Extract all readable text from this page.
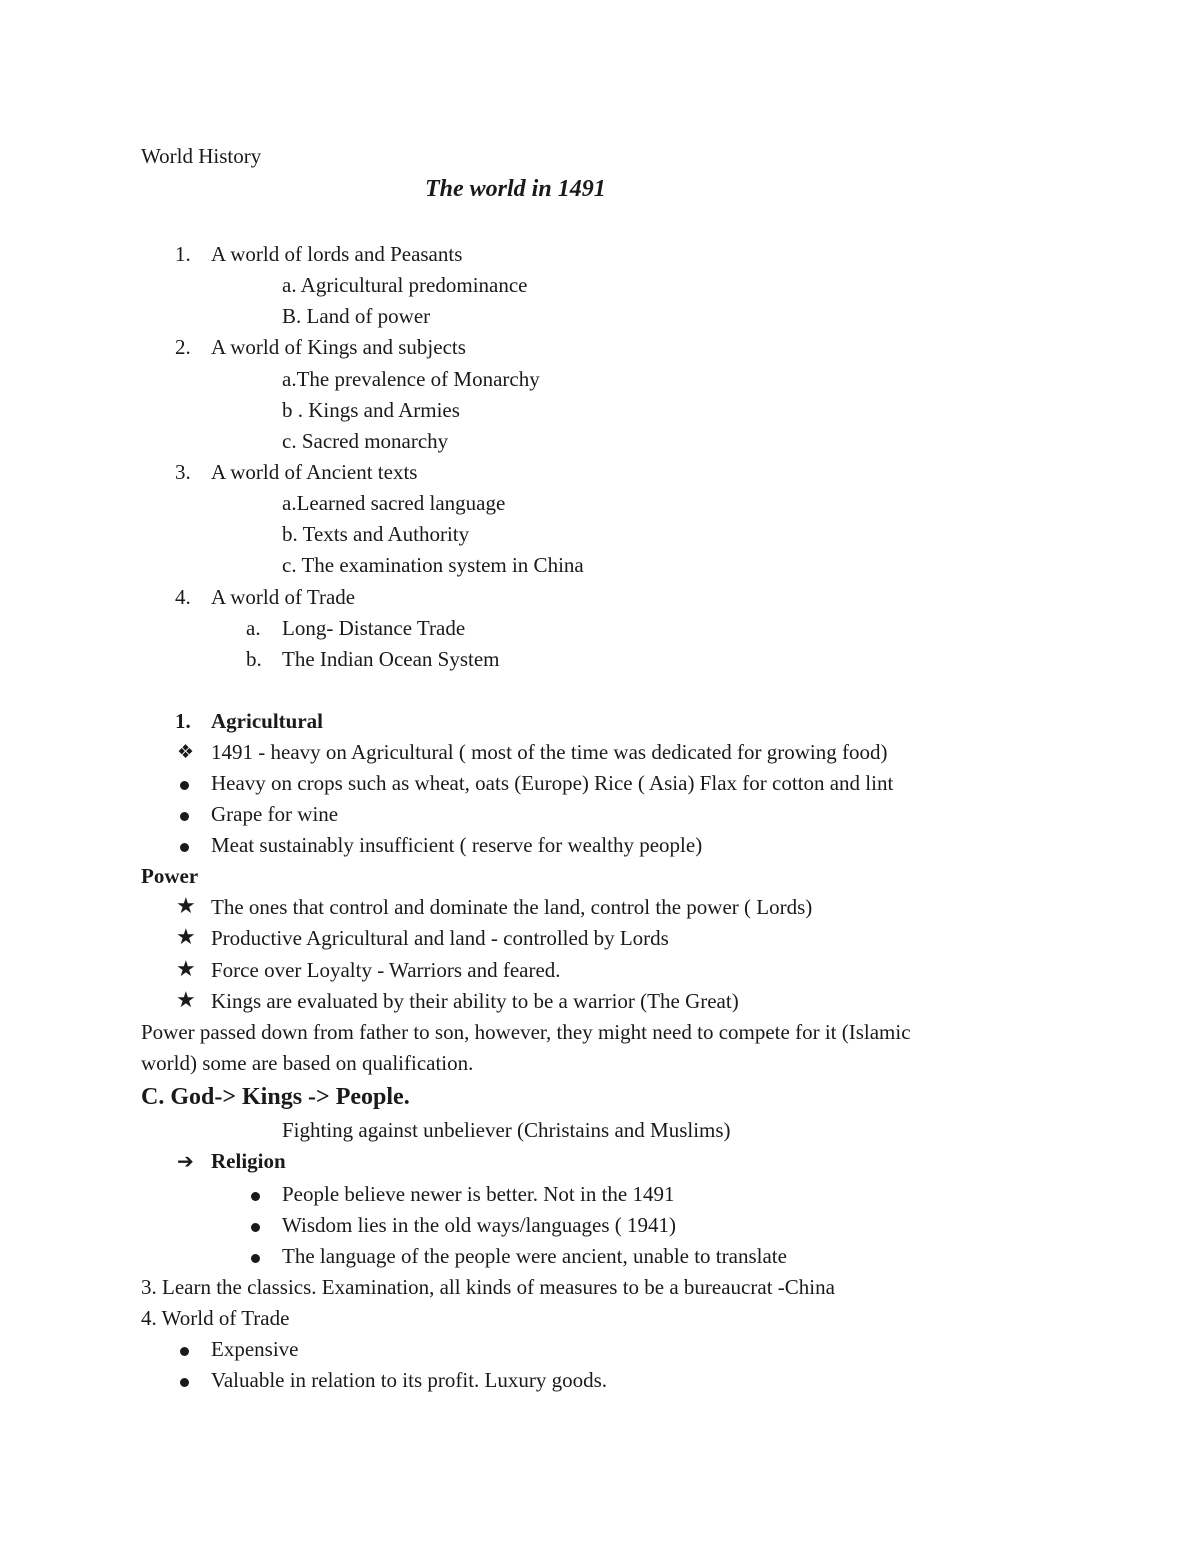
World History
The world in 1491
1. A world of lords and Peasants
a. Agricultural predominance
B. Land of power
2. A world of Kings and subjects
a.The prevalence of Monarchy
b . Kings and Armies
c. Sacred monarchy
3. A world of Ancient texts
a.Learned sacred language
b. Texts and Authority
c. The examination system in China
4. A world of Trade
a. Long- Distance Trade
b. The Indian Ocean System
1. Agricultural
❖ 1491 - heavy on Agricultural ( most of the time was dedicated for growing food)
Heavy on crops such as wheat, oats (Europe) Rice ( Asia) Flax for cotton and lint
Grape for wine
Meat sustainably insufficient ( reserve for wealthy people)
Power
★ The ones that control and dominate the land, control the power ( Lords)
★ Productive Agricultural and land - controlled by Lords
★ Force over Loyalty - Warriors and feared.
★ Kings are evaluated by their ability to be a warrior (The Great)
Power passed down from father to son, however, they might need to compete for it (Islamic
world) some are based on qualification.
C. God-> Kings -> People.
Fighting against unbeliever (Christains and Muslims)
➔ Religion
People believe newer is better. Not in the 1491
Wisdom lies in the old ways/languages ( 1941)
The language of the people were ancient, unable to translate
3. Learn the classics. Examination, all kinds of measures to be a bureaucrat -China
4. World of Trade
Expensive
Valuable in relation to its profit. Luxury goods.
